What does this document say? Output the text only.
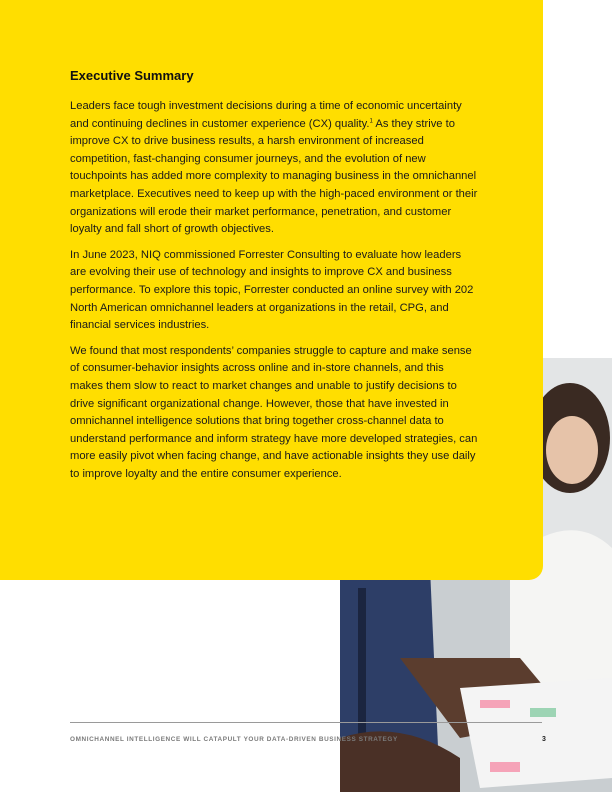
Executive Summary

Leaders face tough investment decisions during a time of economic uncertainty and continuing declines in customer experience (CX) quality.$^1$ As they strive to improve CX to drive business results, a harsh environment of increased competition, fast-changing consumer journeys, and the evolution of new touchpoints has added more complexity to managing business in the omnichannel marketplace. Executives need to keep up with the high-paced environment or their organizations will erode their market performance, penetration, and customer loyalty and fall short of growth objectives.

In June 2023, NIQ commissioned Forrester Consulting to evaluate how leaders are evolving their use of technology and insights to improve CX and business performance. To explore this topic, Forrester conducted an online survey with 202 North American omnichannel leaders at organizations in the retail, CPG, and financial services industries.

We found that most respondents’ companies struggle to capture and make sense of consumer-behavior insights across online and in-store channels, and this makes them slow to react to market changes and unable to justify decisions to drive significant organizational change. However, those that have invested in omnichannel intelligence solutions that bring together cross-channel data to understand performance and inform strategy have more developed strategies, can more easily pivot when facing change, and have actionable insights they use daily to improve loyalty and the entire consumer experience.

OMNICHANNEL INTELLIGENCE WILL CATAPULT YOUR DATA-DRIVEN BUSINESS STRATEGY	3
